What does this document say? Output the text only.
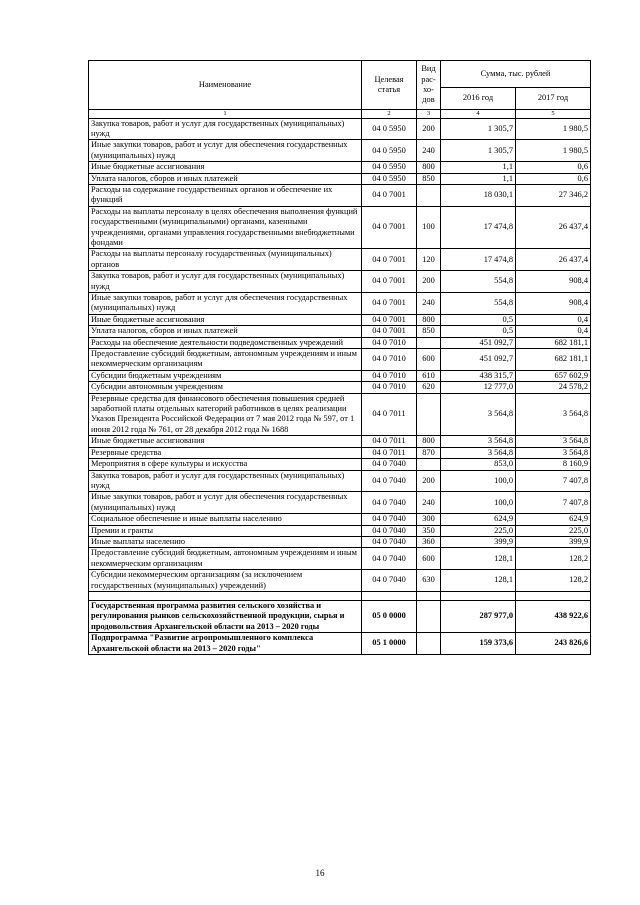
Наименование	Целевая статья	Вид рас-хо-дов	Сумма, тыс. рублей	
			2016 год	2017 год
1	2	3	4	5
Закупка товаров, работ и услуг для государственных (муниципальных) нужд	04 0 5950	200	1 305,7	1 980,5
Иные закупки товаров, работ и услуг для обеспечения государственных (муниципальных) нужд	04 0 5950	240	1 305,7	1 980,5
Иные бюджетные ассигнования	04 0 5950	800	1,1	0,6
Уплата налогов, сборов и иных платежей	04 0 5950	850	1,1	0,6
Расходы на содержание государственных органов и обеспечение их функций	04 0 7001		18 030,1	27 346,2
Расходы на выплаты персоналу в целях обеспечения выполнения функций государственными (муниципальными) органами, казенными учреждениями, органами управления государственными внебюджетными фондами	04 0 7001	100	17 474,8	26 437,4
Расходы на выплаты персоналу государственных (муниципальных) органов	04 0 7001	120	17 474,8	26 437,4
Закупка товаров, работ и услуг для государственных (муниципальных) нужд	04 0 7001	200	554,8	908,4
Иные закупки товаров, работ и услуг для обеспечения государственных (муниципальных) нужд	04 0 7001	240	554,8	908,4
Иные бюджетные ассигнования	04 0 7001	800	0,5	0,4
Уплата налогов, сборов и иных платежей	04 0 7001	850	0,5	0,4
Расходы на обеспечение деятельности подведомственных учреждений	04 0 7010		451 092,7	682 181,1
Предоставление субсидий бюджетным, автономным учреждениям и иным некоммерческим организациям	04 0 7010	600	451 092,7	682 181,1
Субсидии бюджетным учреждениям	04 0 7010	610	438 315,7	657 602,9
Субсидии автономным учреждениям	04 0 7010	620	12 777,0	24 578,2
Резервные средства для финансового обеспечения повышения средней заработной платы отдельных категорий работников в целях реализации Указов Президента Российской Федерации от 7 мая 2012 года № 597, от 1 июня 2012 года № 761, от 28 декабря 2012 года № 1688	04 0 7011		3 564,8	3 564,8
Иные бюджетные ассигнования	04 0 7011	800	3 564,8	3 564,8
Резервные средства	04 0 7011	870	3 564,8	3 564,8
Мероприятия в сфере культуры и искусства	04 0 7040		853,0	8 160,9
Закупка товаров, работ и услуг для государственных (муниципальных) нужд	04 0 7040	200	100,0	7 407,8
Иные закупки товаров, работ и услуг для обеспечения государственных (муниципальных) нужд	04 0 7040	240	100,0	7 407,8
Социальное обеспечение и иные выплаты населению	04 0 7040	300	624,9	624,9
Премии и гранты	04 0 7040	350	225,0	225,0
Иные выплаты населению	04 0 7040	360	399,9	399,9
Предоставление субсидий бюджетным, автономным учреждениям и иным некоммерческим организациям	04 0 7040	600	128,1	128,2
Субсидии некоммерческим организациям (за исключением государственных (муниципальных) учреждений)	04 0 7040	630	128,1	128,2

Государственная программа развития сельского хозяйства и регулирования рынков сельскохозяйственной продукции, сырья и продовольствия Архангельской области на 2013 – 2020 годы	05 0 0000		287 977,0	438 922,6
Подпрограмма "Развитие агропромышленного комплекса Архангельской области на 2013 – 2020 годы"	05 1 0000		159 373,6	243 826,6
16
